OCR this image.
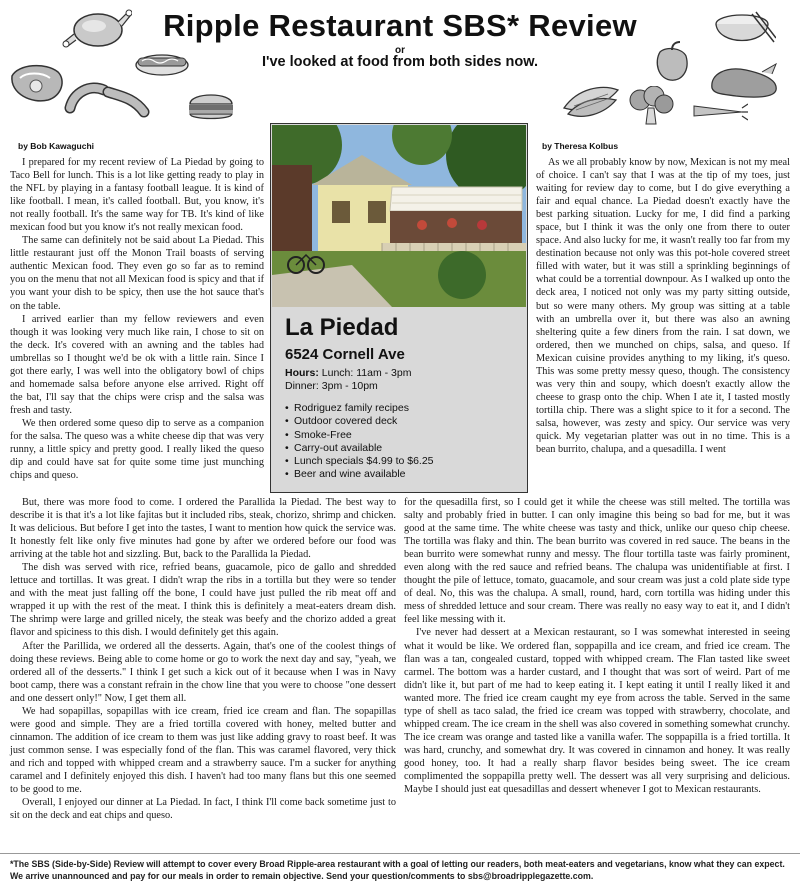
Ripple Restaurant SBS* Review
or
I've looked at food from both sides now.
by Bob Kawaguchi	by Theresa Kolbus

I prepared for my recent review of La Piedad by going to Taco Bell for lunch. This is a lot like getting ready to play in the NFL by playing in a fantasy football league. It is kind of like football. I mean, it's called football. But, you know, it's not really football. It's the same way for TB. It's kind of like mexican food but you know it's not really mexican food.

The same can definitely not be said about La Piedad. This little restaurant just off the Monon Trail boasts of serving authentic Mexican food. They even go so far as to remind you on the menu that not all Mexican food is spicy and that if you want your dish to be spicy, then use the hot sauce that's on the table.

I arrived earlier than my fellow reviewers and even though it was looking very much like rain, I chose to sit on the deck. It's covered with an awning and the tables had umbrellas so I thought we'd be ok with a little rain. Since I got there early, I was well into the obligatory bowl of chips and homemade salsa before anyone else arrived. Right off the bat, I'll say that the chips were crisp and the salsa was fresh and tasty.

We then ordered some queso dip to serve as a companion for the salsa. The queso was a white cheese dip that was very runny, a little spicy and pretty good. I really liked the queso dip and could have sat for quite some time just munching chips and queso.

La Piedad
6524 Cornell Ave
Hours: Lunch: 11am - 3pm
Dinner: 3pm - 10pm
• Rodriguez family recipes
• Outdoor covered deck
• Smoke-Free
• Carry-out available
• Lunch specials $4.99 to $6.25
• Beer and wine available

As we all probably know by now, Mexican is not my meal of choice. I can't say that I was at the tip of my toes, just waiting for review day to come, but I do give everything a fair and equal chance. La Piedad doesn't exactly have the best parking situation. Lucky for me, I did find a parking space, but I think it was the only one from there to outer space. And also lucky for me, it wasn't really too far from my destination because not only was this pot-hole covered street filled with water, but it was still a sprinkling beginnings of what could be a torrential downpour. As I walked up onto the deck area, I noticed not only was my party sitting outside, but so were many others. My group was sitting at a table with an umbrella over it, but there was also an awning sheltering quite a few diners from the rain. I sat down, we ordered, then we munched on chips, salsa, and queso. If Mexican cuisine provides anything to my liking, it's queso. This was some pretty messy queso, though. The consistency was very thin and soupy, which doesn't exactly allow the cheese to grasp onto the chip. When I ate it, I tasted mostly tortilla chip. There was a slight spice to it for a second. The salsa, however, was zesty and spicy. Our service was very quick. My vegetarian platter was out in no time. This is a bean burrito, chalupa, and a quesadilla. I went

But, there was more food to come. I ordered the Parallida la Piedad. The best way to describe it is that it's a lot like fajitas but it included ribs, steak, chorizo, shrimp and chicken. It was delicious. But before I get into the tastes, I want to mention how quick the service was. It honestly felt like only five minutes had gone by after we ordered before our food was arriving at the table hot and sizzling. But, back to the Parallida la Piedad.

The dish was served with rice, refried beans, guacamole, pico de gallo and shredded lettuce and tortillas. It was great. I didn't wrap the ribs in a tortilla but they were so tender and with the meat just falling off the bone, I could have just pulled the rib meat off and wrapped it up with the rest of the meat. I think this is definitely a meat-eaters dream dish. The shrimp were large and grilled nicely, the steak was beefy and the chorizo added a great flavor and spiciness to this dish. I would definitely get this again.

After the Parillida, we ordered all the desserts. Again, that's one of the coolest things of doing these reviews. Being able to come home or go to work the next day and say, "yeah, we ordered all of the desserts." I think I get such a kick out of it because when I was in Navy boot camp, there was a constant refrain in the chow line that you were to choose "one dessert and one dessert only!" Now, I get them all.

We had sopapillas, sopapillas with ice cream, fried ice cream and flan. The sopapillas were good and simple. They are a fried tortilla covered with honey, melted butter and cinnamon. The addition of ice cream to them was just like adding gravy to roast beef. It was just common sense. I was especially fond of the flan. This was caramel flavored, very thick and rich and topped with whipped cream and a strawberry sauce. I'm a sucker for anything caramel and I definitely enjoyed this dish. I haven't had too many flans but this one seemed to be good to me.

Overall, I enjoyed our dinner at La Piedad. In fact, I think I'll come back sometime just to sit on the deck and eat chips and queso.

for the quesadilla first, so I could get it while the cheese was still melted. The tortilla was salty and probably fried in butter. I can only imagine this being so bad for me, but it was good at the same time. The white cheese was tasty and thick, unlike our queso chip cheese. The tortilla was flaky and thin. The bean burrito was covered in red sauce. The beans in the bean burrito were somewhat runny and messy. The flour tortilla taste was fairly prominent, even along with the red sauce and refried beans. The chalupa was unidentifiable at first. I thought the pile of lettuce, tomato, guacamole, and sour cream was just a cold plate side type of deal. No, this was the chalupa. A small, round, hard, corn tortilla was hiding under this mess of shredded lettuce and sour cream. There was really no easy way to eat it, and I didn't feel like messing with it.

I've never had dessert at a Mexican restaurant, so I was somewhat interested in seeing what it would be like. We ordered flan, soppapilla and ice cream, and fried ice cream. The flan was a tan, congealed custard, topped with whipped cream. The Flan tasted like sweet carmel. The bottom was a harder custard, and I thought that was sort of weird. Part of me didn't like it, but part of me had to keep eating it. I kept eating it until I really liked it and wanted more. The fried ice cream caught my eye from across the table. Served in the same type of shell as taco salad, the fried ice cream was topped with strawberry, chocolate, and whipped cream. The ice cream in the shell was also covered in something somewhat crunchy. The ice cream was orange and tasted like a vanilla wafer. The soppapilla is a fried tortilla. It was hard, crunchy, and somewhat dry. It was covered in cinnamon and honey. It was really good honey, too. It had a really sharp flavor besides being sweet. The ice cream complimented the soppapilla pretty well. The dessert was all very surprising and delicious. Maybe I should just eat quesadillas and dessert whenever I got to Mexican restaurants.

*The SBS (Side-by-Side) Review will attempt to cover every Broad Ripple-area restaurant with a goal of letting our readers, both meat-eaters and vegetarians, know what they can expect. We arrive unannounced and pay for our meals in order to remain objective. Send your question/comments to sbs@broadripplegazette.com.
